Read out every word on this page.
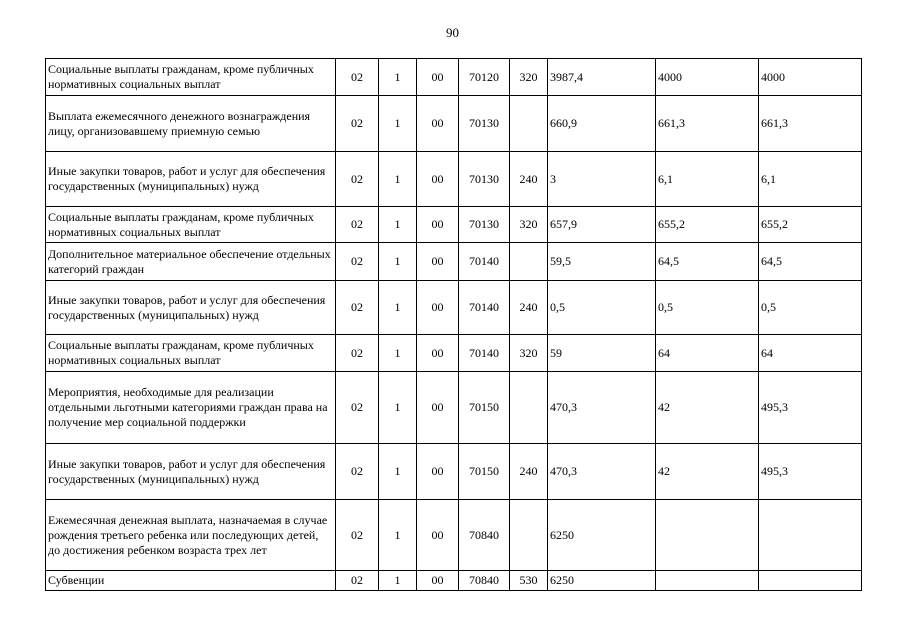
90
Социальные выплаты гражданам, кроме публичных нормативных социальных выплат	02	1	00	70120	320	3987,4	4000	4000
Выплата ежемесячного денежного вознаграждения лицу, организовавшему приемную семью	02	1	00	70130		660,9	661,3	661,3
Иные закупки товаров, работ и услуг для обеспечения государственных (муниципальных) нужд	02	1	00	70130	240	3	6,1	6,1
Социальные выплаты гражданам, кроме публичных нормативных социальных выплат	02	1	00	70130	320	657,9	655,2	655,2
Дополнительное материальное обеспечение отдельных категорий граждан	02	1	00	70140		59,5	64,5	64,5
Иные закупки товаров, работ и услуг для обеспечения государственных (муниципальных) нужд	02	1	00	70140	240	0,5	0,5	0,5
Социальные выплаты гражданам, кроме публичных нормативных социальных выплат	02	1	00	70140	320	59	64	64
Мероприятия, необходимые для реализации отдельными льготными категориями граждан права на получение мер социальной поддержки	02	1	00	70150		470,3	42	495,3
Иные закупки товаров, работ и услуг для обеспечения государственных (муниципальных) нужд	02	1	00	70150	240	470,3	42	495,3
Ежемесячная денежная выплата, назначаемая в случае рождения третьего ребенка или последующих детей, до достижения ребенком возраста трех лет	02	1	00	70840		6250		
Субвенции	02	1	00	70840	530	6250		
